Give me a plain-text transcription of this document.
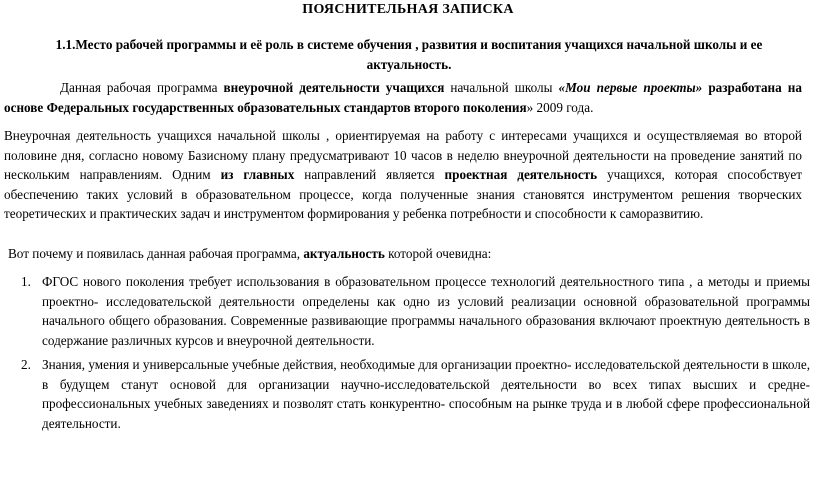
ПОЯСНИТЕЛЬНАЯ ЗАПИСКА
1.1.Место рабочей программы и её роль в системе обучения , развития и воспитания учащихся начальной школы и ее актуальность.
Данная рабочая программа внеурочной деятельности учащихся начальной школы «Мои первые проекты» разработана на основе Федеральных государственных образовательных стандартов второго поколения» 2009 года.
Внеурочная деятельность учащихся начальной школы , ориентируемая на работу с интересами учащихся и осуществляемая во второй половине дня, согласно новому Базисному плану предусматривают 10 часов в неделю внеурочной деятельности на проведение занятий по нескольким направлениям. Одним из главных направлений является проектная деятельность учащихся, которая способствует обеспечению таких условий в образовательном процессе, когда полученные знания становятся инструментом решения творческих теоретических и практических задач и инструментом формирования у ребенка потребности и способности к саморазвитию.
Вот почему и появилась данная рабочая программа, актуальность которой очевидна:
1. ФГОС нового поколения требует использования в образовательном процессе технологий деятельностного типа , а методы и приемы проектно- исследовательской деятельности определены как одно из условий реализации основной образовательной программы начального общего образования. Современные развивающие программы начального образования включают проектную деятельность в содержание различных курсов и внеурочной деятельности.
2. Знания, умения и универсальные учебные действия, необходимые для организации проектно- исследовательской деятельности в школе, в будущем станут основой для организации научно-исследовательской деятельности во всех типах высших и средне- профессиональных учебных заведениях и позволят стать конкурентно- способным на рынке труда и в любой сфере профессиональной деятельности.
